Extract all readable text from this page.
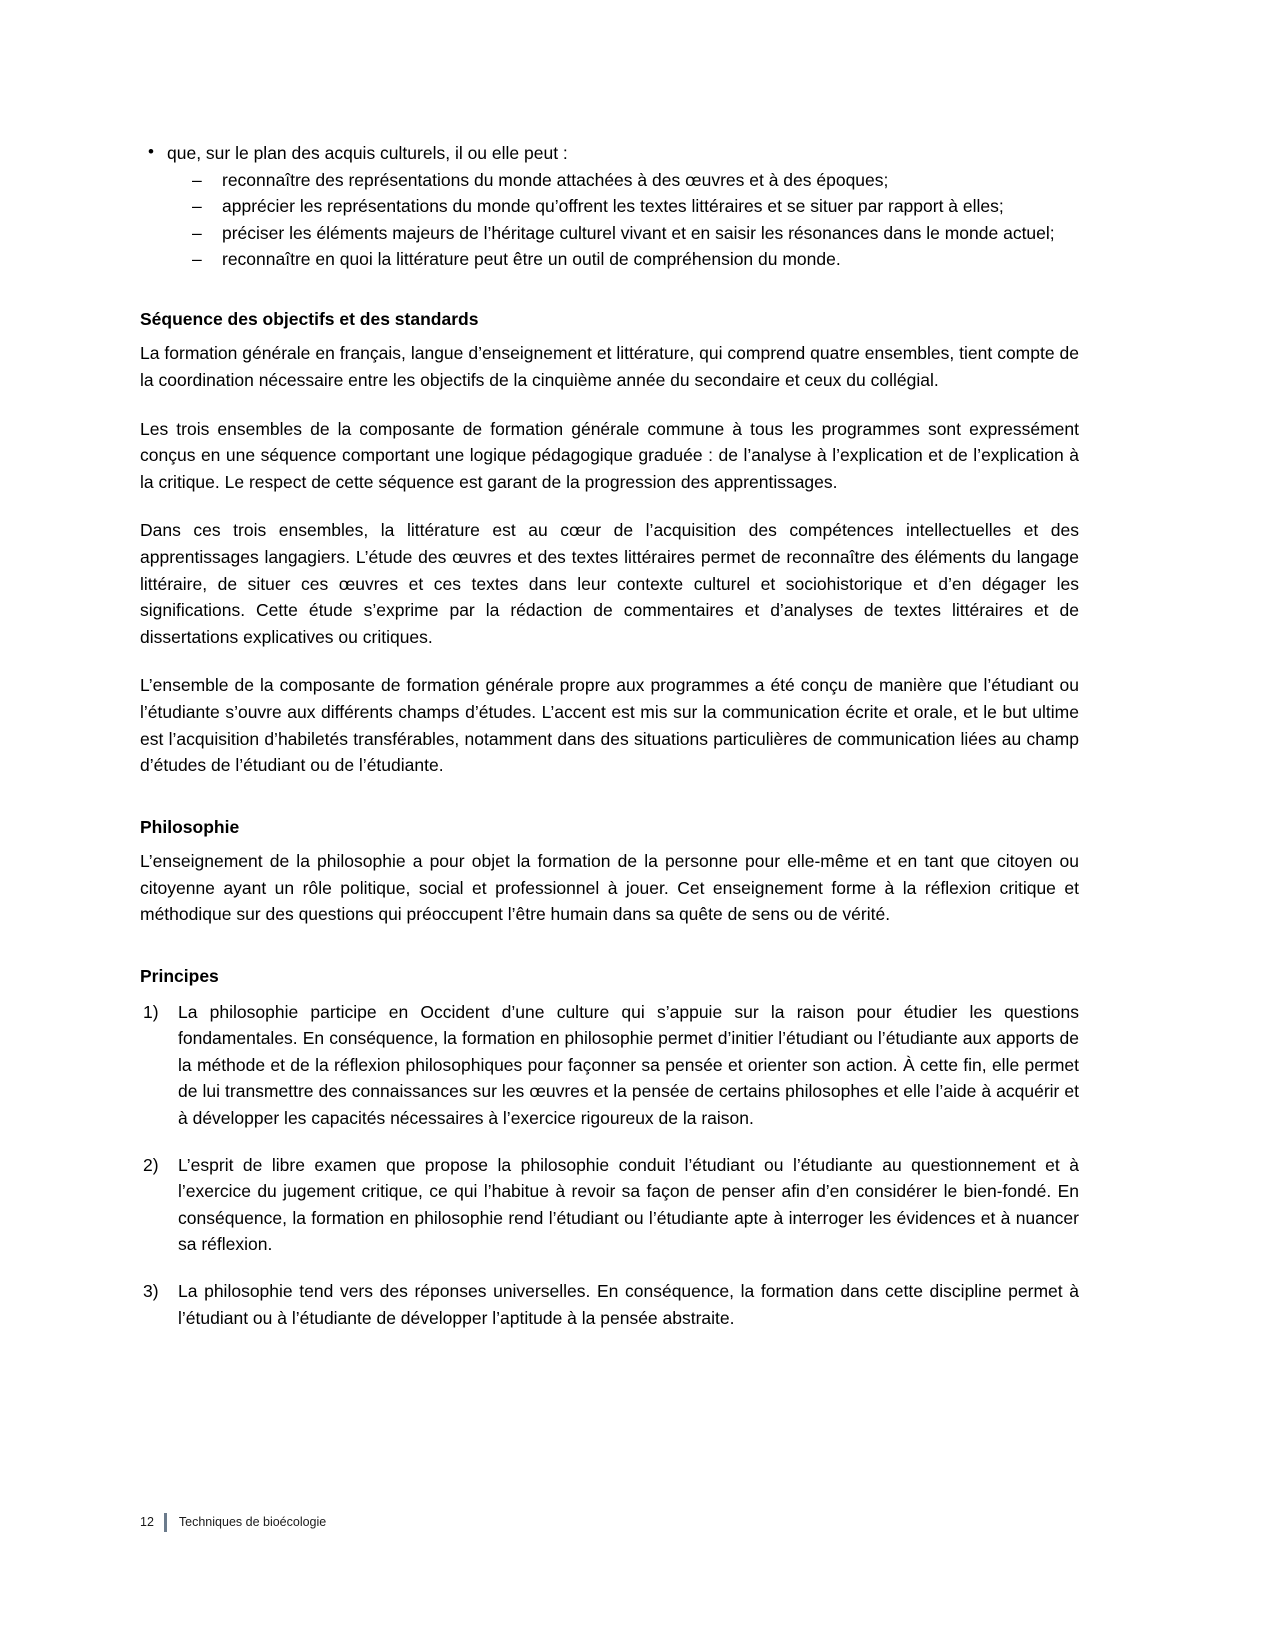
• que, sur le plan des acquis culturels, il ou elle peut :
– reconnaître des représentations du monde attachées à des œuvres et à des époques;
– apprécier les représentations du monde qu’offrent les textes littéraires et se situer par rapport à elles;
– préciser les éléments majeurs de l’héritage culturel vivant et en saisir les résonances dans le monde actuel;
– reconnaître en quoi la littérature peut être un outil de compréhension du monde.
Séquence des objectifs et des standards

La formation générale en français, langue d’enseignement et littérature, qui comprend quatre ensembles, tient compte de la coordination nécessaire entre les objectifs de la cinquième année du secondaire et ceux du collégial.

Les trois ensembles de la composante de formation générale commune à tous les programmes sont expressément conçus en une séquence comportant une logique pédagogique graduée : de l’analyse à l’explication et de l’explication à la critique. Le respect de cette séquence est garant de la progression des apprentissages.

Dans ces trois ensembles, la littérature est au cœur de l’acquisition des compétences intellectuelles et des apprentissages langagiers. L’étude des œuvres et des textes littéraires permet de reconnaître des éléments du langage littéraire, de situer ces œuvres et ces textes dans leur contexte culturel et sociohistorique et d’en dégager les significations. Cette étude s’exprime par la rédaction de commentaires et d’analyses de textes littéraires et de dissertations explicatives ou critiques.

L’ensemble de la composante de formation générale propre aux programmes a été conçu de manière que l’étudiant ou l’étudiante s’ouvre aux différents champs d’études. L’accent est mis sur la communication écrite et orale, et le but ultime est l’acquisition d’habiletés transférables, notamment dans des situations particulières de communication liées au champ d’études de l’étudiant ou de l’étudiante.

Philosophie

L’enseignement de la philosophie a pour objet la formation de la personne pour elle-même et en tant que citoyen ou citoyenne ayant un rôle politique, social et professionnel à jouer. Cet enseignement forme à la réflexion critique et méthodique sur des questions qui préoccupent l’être humain dans sa quête de sens ou de vérité.

Principes
La philosophie participe en Occident d’une culture qui s’appuie sur la raison pour étudier les questions fondamentales. En conséquence, la formation en philosophie permet d’initier l’étudiant ou l’étudiante aux apports de la méthode et de la réflexion philosophiques pour façonner sa pensée et orienter son action. À cette fin, elle permet de lui transmettre des connaissances sur les œuvres et la pensée de certains philosophes et elle l’aide à acquérir et à développer les capacités nécessaires à l’exercice rigoureux de la raison.
L’esprit de libre examen que propose la philosophie conduit l’étudiant ou l’étudiante au questionnement et à l’exercice du jugement critique, ce qui l’habitue à revoir sa façon de penser afin d’en considérer le bien-fondé. En conséquence, la formation en philosophie rend l’étudiant ou l’étudiante apte à interroger les évidences et à nuancer sa réflexion.
La philosophie tend vers des réponses universelles. En conséquence, la formation dans cette discipline permet à l’étudiant ou à l’étudiante de développer l’aptitude à la pensée abstraite.
12 Techniques de bioécologie
